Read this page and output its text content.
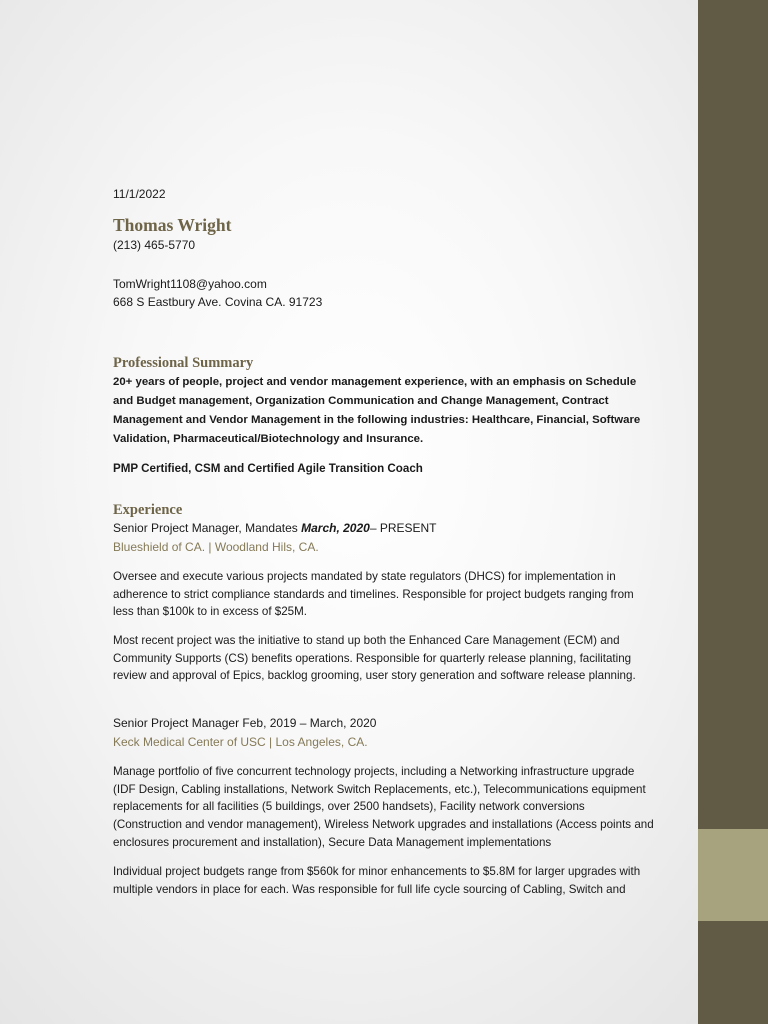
11/1/2022
Thomas Wright
(213) 465-5770
TomWright1108@yahoo.com
668 S Eastbury Ave. Covina CA. 91723
Professional Summary
20+ years of people, project and vendor management experience, with an emphasis on Schedule
and Budget management, Organization Communication and Change Management, Contract
Management and Vendor Management in the following industries: Healthcare, Financial, Software
Validation, Pharmaceutical/Biotechnology and Insurance.
PMP Certified, CSM and Certified Agile Transition Coach
Experience
Senior Project Manager, Mandates March, 2020– PRESENT
Blueshield of CA. | Woodland Hils, CA.
Oversee and execute various projects mandated by state regulators (DHCS) for implementation in
adherence to strict compliance standards and timelines. Responsible for project budgets ranging from
less than $100k to in excess of $25M.
Most recent project was the initiative to stand up both the Enhanced Care Management (ECM) and
Community Supports (CS) benefits operations. Responsible for quarterly release planning, facilitating
review and approval of Epics, backlog grooming, user story generation and software release planning.
Senior Project Manager Feb, 2019 – March, 2020
Keck Medical Center of USC | Los Angeles, CA.
Manage portfolio of five concurrent technology projects, including a Networking infrastructure upgrade
(IDF Design, Cabling installations, Network Switch Replacements, etc.), Telecommunications equipment
replacements for all facilities (5 buildings, over 2500 handsets), Facility network conversions
(Construction and vendor management), Wireless Network upgrades and installations (Access points and
enclosures procurement and installation), Secure Data Management implementations
Individual project budgets range from $560k for minor enhancements to $5.8M for larger upgrades with
multiple vendors in place for each. Was responsible for full life cycle sourcing of Cabling, Switch and
